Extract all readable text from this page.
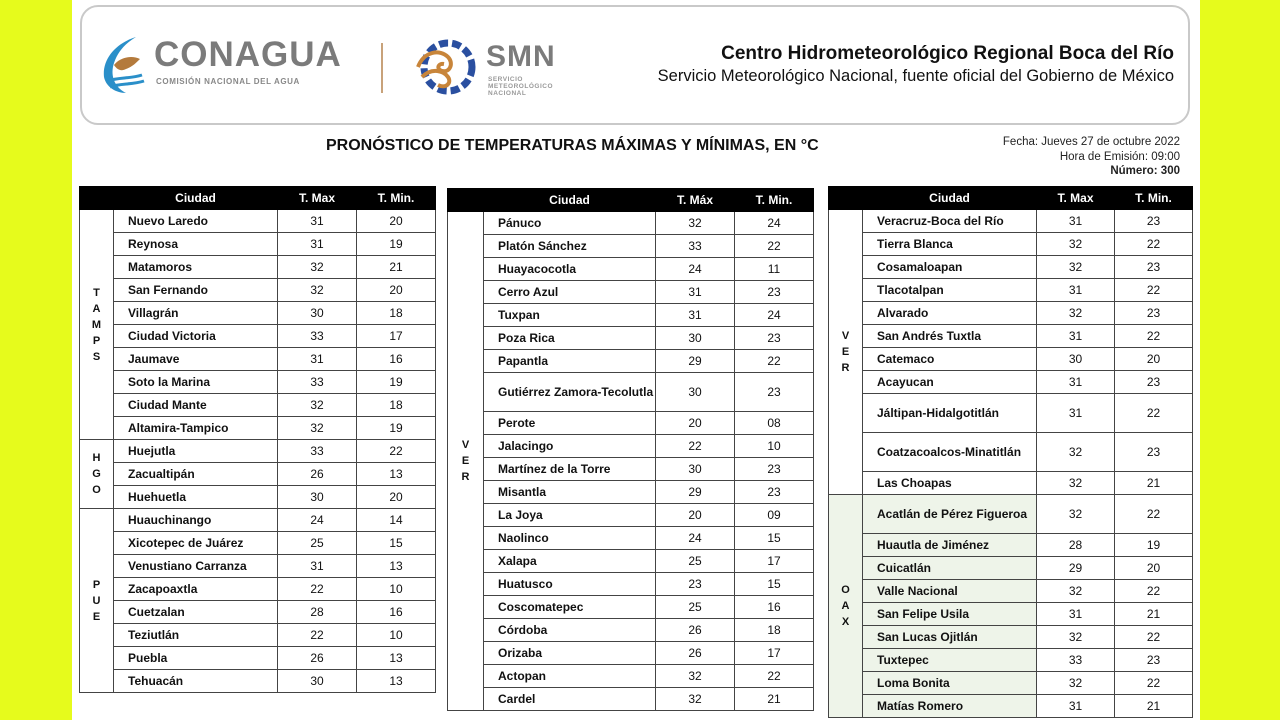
CONAGUA
COMISIÓN NACIONAL DEL AGUA
SMN
SERVICIO
METEOROLÓGICO
NACIONAL
Centro Hidrometeorológico Regional Boca del Río
Servicio Meteorológico Nacional, fuente oficial del Gobierno de México
PRONÓSTICO DE TEMPERATURAS MÁXIMAS Y MÍNIMAS, EN °C	Fecha: Jueves 27 de octubre 2022
Hora de Emisión: 09:00
Número: 300
	Ciudad	T. Max	T. Min.
T
A
M
P
S	Nuevo Laredo	31	20
	Reynosa	31	19
	Matamoros	32	21
	San Fernando	32	20
	Villagrán	30	18
	Ciudad Victoria	33	17
	Jaumave	31	16
	Soto la Marina	33	19
	Ciudad Mante	32	18
	Altamira-Tampico	32	19
H
G
O	Huejutla	33	22
	Zacualtipán	26	13
	Huehuetla	30	20
P
U
E	Huauchinango	24	14
	Xicotepec de Juárez	25	15
	Venustiano Carranza	31	13
	Zacapoaxtla	22	10
	Cuetzalan	28	16
	Teziutlán	22	10
	Puebla	26	13
	Tehuacán	30	13
	Ciudad	T. Máx	T. Min.
V
E
R	Pánuco	32	24
	Platón Sánchez	33	22
	Huayacocotla	24	11
	Cerro Azul	31	23
	Tuxpan	31	24
	Poza Rica	30	23
	Papantla	29	22
	Gutiérrez Zamora-Tecolutla	30	23
	Perote	20	08
	Jalacingo	22	10
	Martínez de la Torre	30	23
	Misantla	29	23
	La Joya	20	09
	Naolinco	24	15
	Xalapa	25	17
	Huatusco	23	15
	Coscomatepec	25	16
	Córdoba	26	18
	Orizaba	26	17
	Actopan	32	22
	Cardel	32	21
	Ciudad	T. Max	T. Min.
V
E
R	Veracruz-Boca del Río	31	23
	Tierra Blanca	32	22
	Cosamaloapan	32	23
	Tlacotalpan	31	22
	Alvarado	32	23
	San Andrés Tuxtla	31	22
	Catemaco	30	20
	Acayucan	31	23
	Jáltipan-Hidalgotitlán	31	22
	Coatzacoalcos-Minatitlán	32	23
	Las Choapas	32	21
O
A
X	Acatlán de Pérez Figueroa	32	22
	Huautla de Jiménez	28	19
	Cuicatlán	29	20
	Valle Nacional	32	22
	San Felipe Usila	31	21
	San Lucas Ojitlán	32	22
	Tuxtepec	33	23
	Loma Bonita	32	22
	Matías Romero	31	21
